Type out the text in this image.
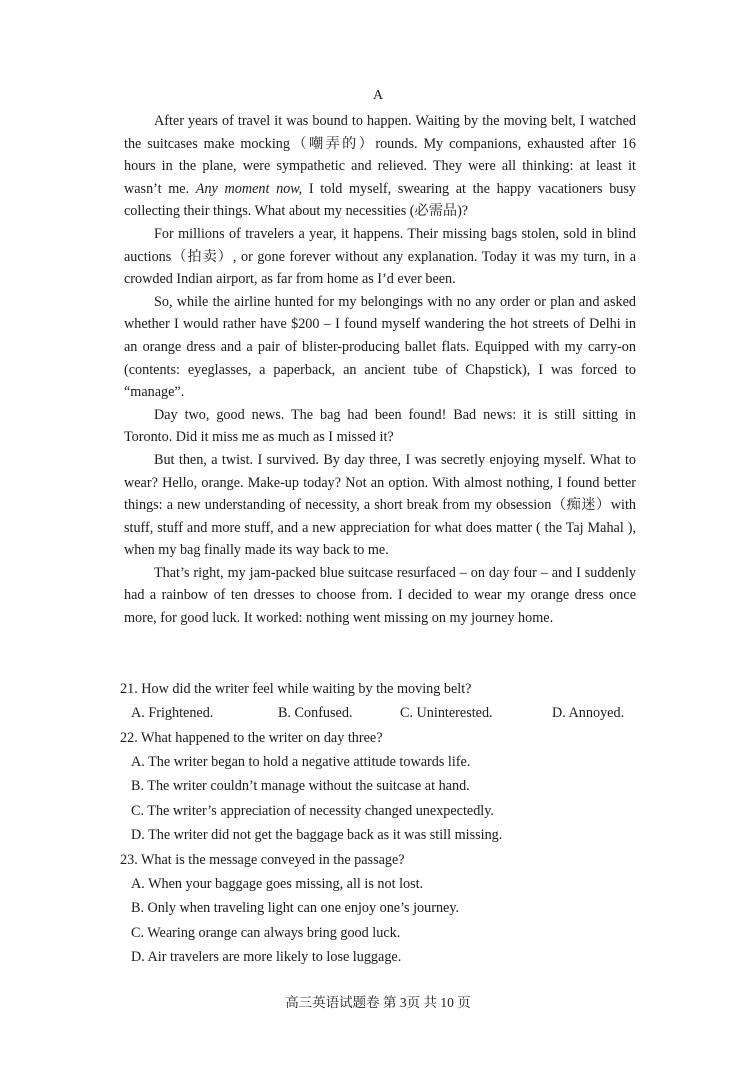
A

After years of travel it was bound to happen. Waiting by the moving belt, I watched the suitcases make mocking（嘲弄的）rounds. My companions, exhausted after 16 hours in the plane, were sympathetic and relieved. They were all thinking: at least it wasn’t me. Any moment now, I told myself, swearing at the happy vacationers busy collecting their things. What about my necessities (必需品)?

For millions of travelers a year, it happens. Their missing bags stolen, sold in blind auctions（拍卖）, or gone forever without any explanation. Today it was my turn, in a crowded Indian airport, as far from home as I’d ever been.

So, while the airline hunted for my belongings with no any order or plan and asked whether I would rather have $200 – I found myself wandering the hot streets of Delhi in an orange dress and a pair of blister-producing ballet flats. Equipped with my carry-on (contents: eyeglasses, a paperback, an ancient tube of Chapstick), I was forced to “manage”.

Day two, good news. The bag had been found! Bad news: it is still sitting in Toronto. Did it miss me as much as I missed it?

But then, a twist. I survived. By day three, I was secretly enjoying myself. What to wear? Hello, orange. Make-up today? Not an option. With almost nothing, I found better things: a new understanding of necessity, a short break from my obsession（痴迷）with stuff, stuff and more stuff, and a new appreciation for what does matter ( the Taj Mahal ), when my bag finally made its way back to me.

That’s right, my jam-packed blue suitcase resurfaced – on day four – and I suddenly had a rainbow of ten dresses to choose from. I decided to wear my orange dress once more, for good luck. It worked: nothing went missing on my journey home.

21. How did the writer feel while waiting by the moving belt?
A. Frightened.	B. Confused.	C. Uninterested.	D. Annoyed.
22. What happened to the writer on day three?
A. The writer began to hold a negative attitude towards life.
B. The writer couldn’t manage without the suitcase at hand.
C. The writer’s appreciation of necessity changed unexpectedly.
D. The writer did not get the baggage back as it was still missing.
23. What is the message conveyed in the passage?
A. When your baggage goes missing, all is not lost.
B. Only when traveling light can one enjoy one’s journey.
C. Wearing orange can always bring good luck.
D. Air travelers are more likely to lose luggage.
高三英语试题卷 第 3页 共 10 页
